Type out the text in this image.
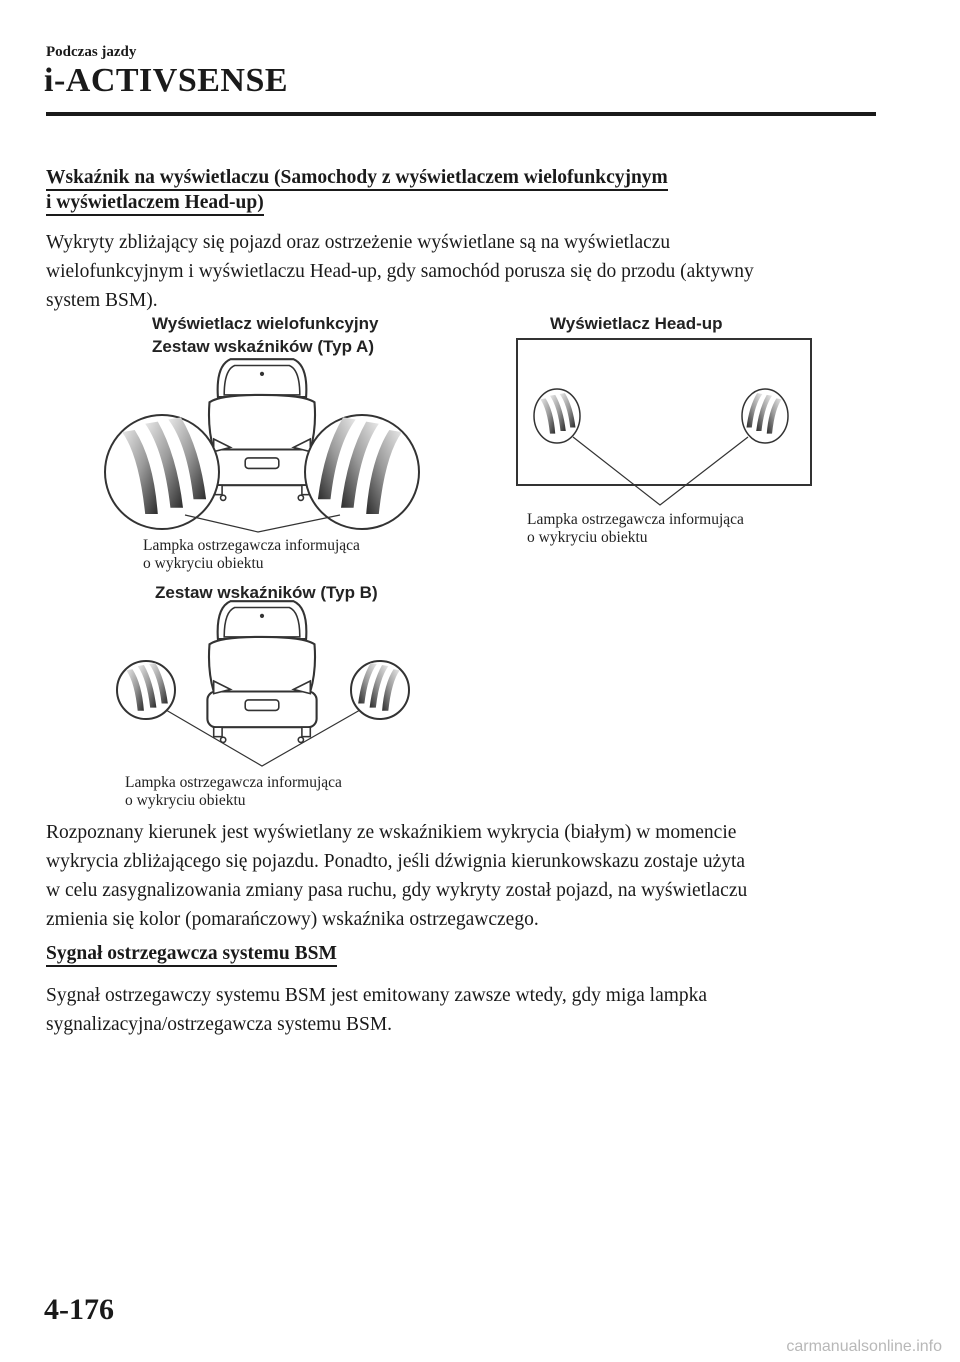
Podczas jazdy
i-ACTIVSENSE
Wskaźnik na wyświetlaczu (Samochody z wyświetlaczem wielofunkcyjnym
i wyświetlaczem Head-up)
Wykryty zbliżający się pojazd oraz ostrzeżenie wyświetlane są na wyświetlaczu
wielofunkcyjnym i wyświetlaczu Head-up, gdy samochód porusza się do przodu (aktywny
system BSM).
Wyświetlacz wielofunkcyjny
Zestaw wskaźników (Typ A)
Wyświetlacz Head-up
Zestaw wskaźników (Typ B)
Lampka ostrzegawcza informująca
o wykryciu obiektu
Lampka ostrzegawcza informująca
o wykryciu obiektu
Lampka ostrzegawcza informująca
o wykryciu obiektu
Rozpoznany kierunek jest wyświetlany ze wskaźnikiem wykrycia (białym) w momencie
wykrycia zbliżającego się pojazdu. Ponadto, jeśli dźwignia kierunkowskazu zostaje użyta
w celu zasygnalizowania zmiany pasa ruchu, gdy wykryty został pojazd, na wyświetlaczu
zmienia się kolor (pomarańczowy) wskaźnika ostrzegawczego.
Sygnał ostrzegawcza systemu BSM
Sygnał ostrzegawczy systemu BSM jest emitowany zawsze wtedy, gdy miga lampka
sygnalizacyjna/ostrzegawcza systemu BSM.
4-176
carmanualsonline.info
